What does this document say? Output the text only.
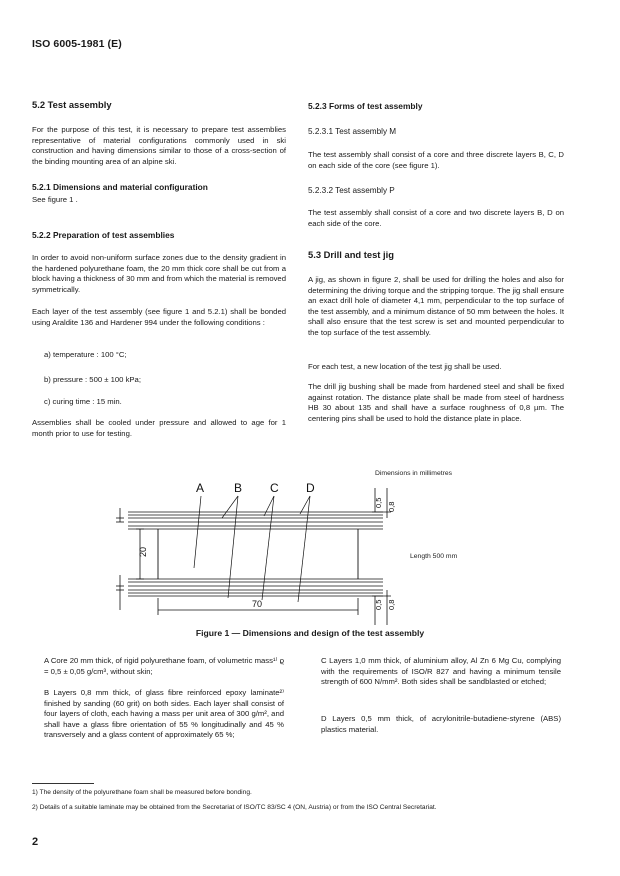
ISO 6005-1981 (E)
5.2 Test assembly
For the purpose of this test, it is necessary to prepare test assemblies representative of material configurations commonly used in ski construction and having dimensions similar to those of a cross-section of the binding mounting area of an alpine ski.
5.2.1 Dimensions and material configuration
See figure 1 .
5.2.2 Preparation of test assemblies
In order to avoid non-uniform surface zones due to the density gradient in the hardened polyurethane foam, the 20 mm thick core shall be cut from a block having a thickness of 30 mm and from which the material is removed symmetrically.
Each layer of the test assembly (see figure 1 and 5.2.1) shall be bonded using Araldite 136 and Hardener 994 under the following conditions :
a) temperature : 100 °C;
b) pressure : 500 ± 100 kPa;
c) curing time : 15 min.
Assemblies shall be cooled under pressure and allowed to age for 1 month prior to use for testing.
5.2.3 Forms of test assembly
5.2.3.1 Test assembly M
The test assembly shall consist of a core and three discrete layers B, C, D on each side of the core (see figure 1).
5.2.3.2 Test assembly P
The test assembly shall consist of a core and two discrete layers B, D on each side of the core.
5.3 Drill and test jig
A jig, as shown in figure 2, shall be used for drilling the holes and also for determining the driving torque and the stripping torque. The jig shall ensure an exact drill hole of diameter 4,1 mm, perpendicular to the top surface of the test assembly, and a minimum distance of 50 mm between the holes. It shall also ensure that the test screw is set and mounted perpendicular to the top surface of the test assembly.
For each test, a new location of the test jig shall be used.
The drill jig bushing shall be made from hardened steel and shall be fixed against rotation. The distance plate shall be made from steel of hardness HB 30 about 135 and shall have a surface roughness of 0,8 µm. The centering pins shall be used to hold the distance plate in place.
Dimensions in millimetres
A B C D
20
70
0,5 0,8
0,5 0,8
Length 500 mm
Figure 1 — Dimensions and design of the test assembly
A Core 20 mm thick, of rigid polyurethane foam, of volumetric mass¹⁾ ϱ = 0,5 ± 0,05 g/cm³, without skin;
B Layers 0,8 mm thick, of glass fibre reinforced epoxy laminate²⁾ finished by sanding (60 grit) on both sides. Each layer shall consist of four layers of cloth, each having a mass per unit area of 300 g/m², and shall have a glass fibre orientation of 55 % longitudinally and 45 % transversely and a glass content of approximately 65 %;
C Layers 1,0 mm thick, of aluminium alloy, Al Zn 6 Mg Cu, complying with the requirements of ISO/R 827 and having a minimum tensile strength of 600 N/mm². Both sides shall be sandblasted or etched;
D Layers 0,5 mm thick, of acrylonitrile-butadiene-styrene (ABS) plastics material.
1) The density of the polyurethane foam shall be measured before bonding.
2) Details of a suitable laminate may be obtained from the Secretariat of ISO/TC 83/SC 4 (ON, Austria) or from the ISO Central Secretariat.
2
